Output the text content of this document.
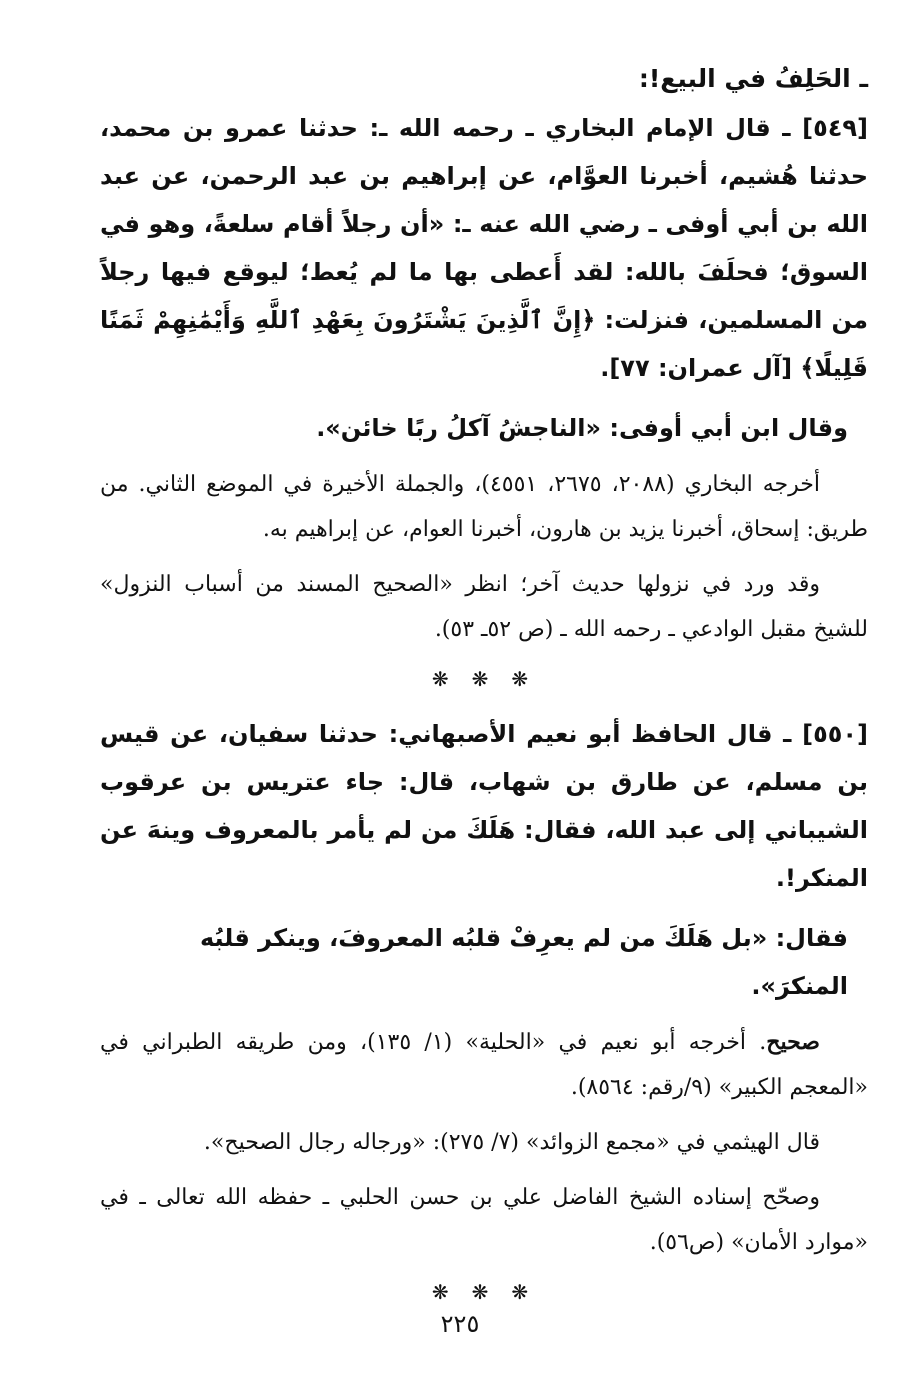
ـ الحَلِفُ في البيع!:

[٥٤٩] ـ قال الإمام البخاري ـ رحمه الله ـ: حدثنا عمرو بن محمد، حدثنا هُشيم، أخبرنا العوَّام، عن إبراهيم بن عبد الرحمن، عن عبد الله بن أبي أوفى ـ رضي الله عنه ـ: «أن رجلاً أقام سلعةً، وهو في السوق؛ فحلَفَ بالله: لقد أَعطى بها ما لم يُعط؛ ليوقع فيها رجلاً من المسلمين، فنزلت: ﴿إِنَّ ٱلَّذِينَ يَشْتَرُونَ بِعَهْدِ ٱللَّهِ وَأَيْمَٰنِهِمْ ثَمَنًا قَلِيلًا﴾ [آل عمران: ٧٧].

وقال ابن أبي أوفى: «الناجشُ آكلُ ربًا خائن».

أخرجه البخاري (٢٠٨٨، ٢٦٧٥، ٤٥٥١)، والجملة الأخيرة في الموضع الثاني. من طريق: إسحاق، أخبرنا يزيد بن هارون، أخبرنا العوام، عن إبراهيم به.

وقد ورد في نزولها حديث آخر؛ انظر «الصحيح المسند من أسباب النزول» للشيخ مقبل الوادعي ـ رحمه الله ـ (ص ٥٢ـ ٥٣).

❋ ❋ ❋

[٥٥٠] ـ قال الحافظ أبو نعيم الأصبهاني: حدثنا سفيان، عن قيس بن مسلم، عن طارق بن شهاب، قال: جاء عتريس بن عرقوب الشيباني إلى عبد الله، فقال: هَلَكَ من لم يأمر بالمعروف وينهَ عن المنكر!.

فقال: «بل هَلَكَ من لم يعرِفْ قلبُه المعروفَ، وينكر قلبُه المنكرَ».

صحيح. أخرجه أبو نعيم في «الحلية» (١/ ١٣٥)، ومن طريقه الطبراني في «المعجم الكبير» (٩/رقم: ٨٥٦٤).

قال الهيثمي في «مجمع الزوائد» (٧/ ٢٧٥): «ورجاله رجال الصحيح».

وصحّح إسناده الشيخ الفاضل علي بن حسن الحلبي ـ حفظه الله تعالى ـ في «موارد الأمان» (ص٥٦).

❋ ❋ ❋
٢٢٥
